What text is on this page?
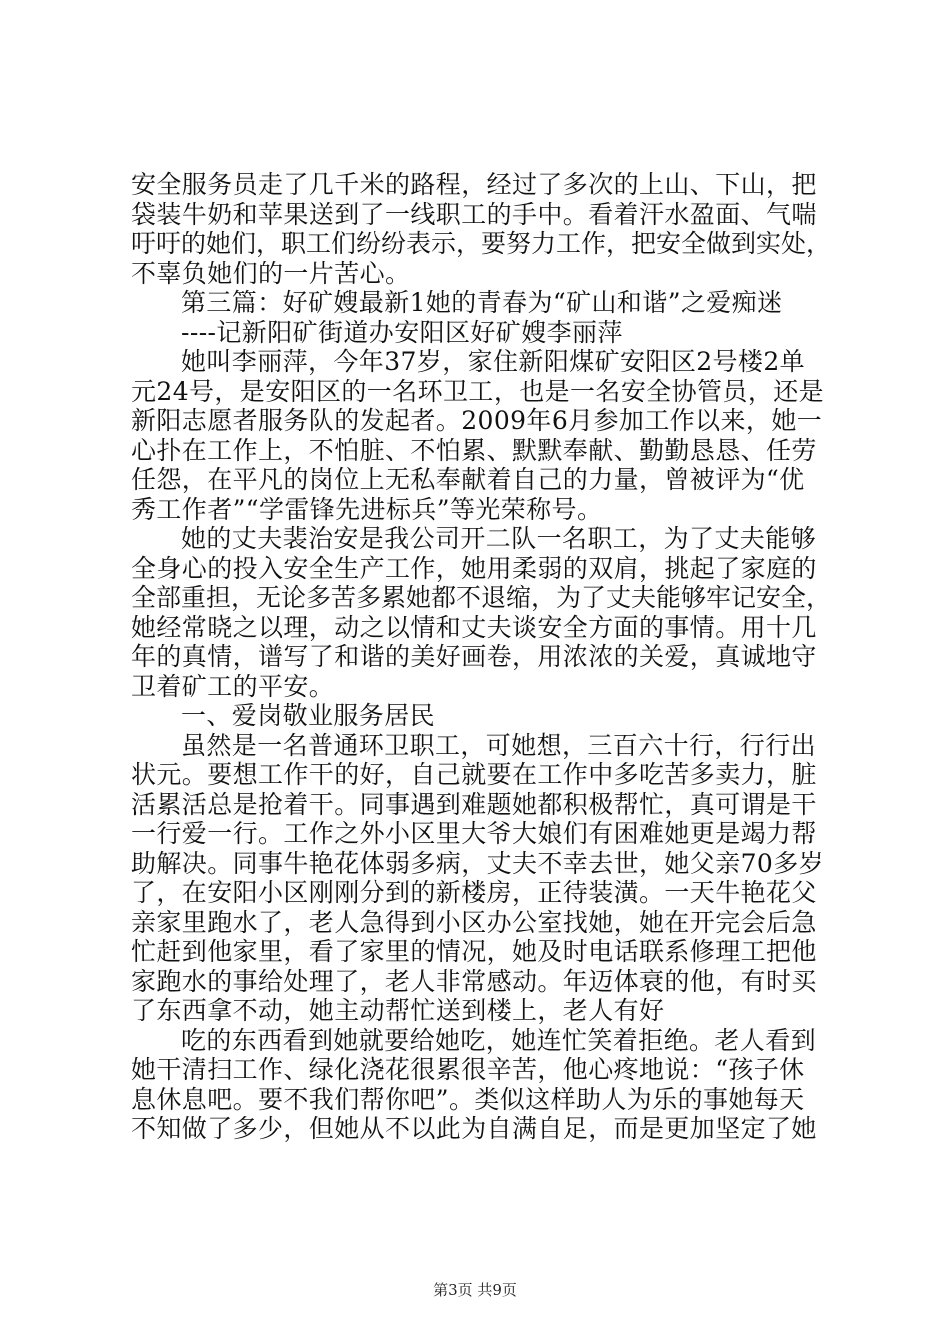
安全服务员走了几千米的路程，经过了多次的上山、下山，把
袋装牛奶和苹果送到了一线职工的手中。看着汗水盈面、气喘
吁吁的她们，职工们纷纷表示，要努力工作，把安全做到实处，
不辜负她们的一片苦心。
第三篇：好矿嫂最新1她的青春为“矿山和谐”之爱痴迷
----记新阳矿街道办安阳区好矿嫂李丽萍
她叫李丽萍，今年37岁，家住新阳煤矿安阳区2号楼2单
元24号，是安阳区的一名环卫工，也是一名安全协管员，还是
新阳志愿者服务队的发起者。2009年6月参加工作以来，她一
心扑在工作上，不怕脏、不怕累、默默奉献、勤勤恳恳、任劳
任怨，在平凡的岗位上无私奉献着自己的力量，曾被评为“优
秀工作者”“学雷锋先进标兵”等光荣称号。
她的丈夫裴治安是我公司开二队一名职工，为了丈夫能够
全身心的投入安全生产工作，她用柔弱的双肩，挑起了家庭的
全部重担，无论多苦多累她都不退缩，为了丈夫能够牢记安全，
她经常晓之以理，动之以情和丈夫谈安全方面的事情。用十几
年的真情，谱写了和谐的美好画卷，用浓浓的关爱，真诚地守
卫着矿工的平安。
一、爱岗敬业服务居民
虽然是一名普通环卫职工，可她想，三百六十行，行行出
状元。要想工作干的好，自己就要在工作中多吃苦多卖力，脏
活累活总是抢着干。同事遇到难题她都积极帮忙，真可谓是干
一行爱一行。工作之外小区里大爷大娘们有困难她更是竭力帮
助解决。同事牛艳花体弱多病，丈夫不幸去世，她父亲70多岁
了，在安阳小区刚刚分到的新楼房，正待装潢。一天牛艳花父
亲家里跑水了，老人急得到小区办公室找她，她在开完会后急
忙赶到他家里，看了家里的情况，她及时电话联系修理工把他
家跑水的事给处理了，老人非常感动。年迈体衰的他，有时买
了东西拿不动，她主动帮忙送到楼上，老人有好
吃的东西看到她就要给她吃，她连忙笑着拒绝。老人看到
她干清扫工作、绿化浇花很累很辛苦，他心疼地说：“孩子休
息休息吧。要不我们帮你吧”。类似这样助人为乐的事她每天
不知做了多少，但她从不以此为自满自足，而是更加坚定了她
第3页 共9页
